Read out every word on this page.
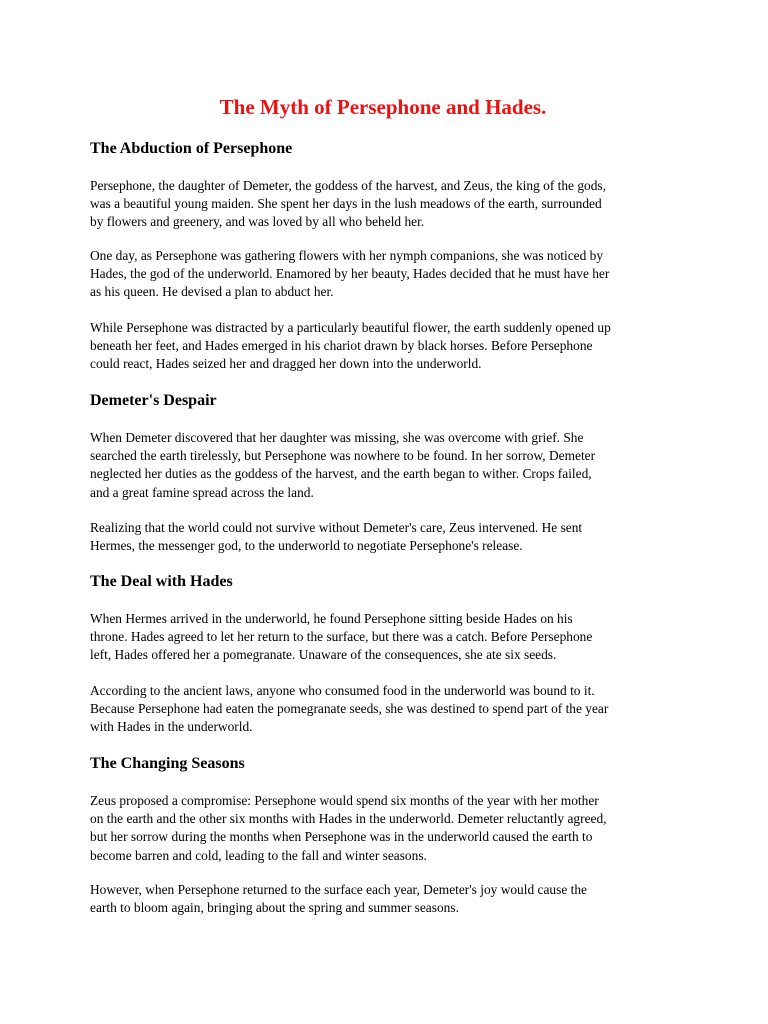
The Myth of Persephone and Hades.
The Abduction of Persephone

Persephone, the daughter of Demeter, the goddess of the harvest, and Zeus, the king of the gods,
was a beautiful young maiden. She spent her days in the lush meadows of the earth, surrounded
by flowers and greenery, and was loved by all who beheld her.

One day, as Persephone was gathering flowers with her nymph companions, she was noticed by
Hades, the god of the underworld. Enamored by her beauty, Hades decided that he must have her
as his queen. He devised a plan to abduct her.

While Persephone was distracted by a particularly beautiful flower, the earth suddenly opened up
beneath her feet, and Hades emerged in his chariot drawn by black horses. Before Persephone
could react, Hades seized her and dragged her down into the underworld.

Demeter's Despair

When Demeter discovered that her daughter was missing, she was overcome with grief. She
searched the earth tirelessly, but Persephone was nowhere to be found. In her sorrow, Demeter
neglected her duties as the goddess of the harvest, and the earth began to wither. Crops failed,
and a great famine spread across the land.

Realizing that the world could not survive without Demeter's care, Zeus intervened. He sent
Hermes, the messenger god, to the underworld to negotiate Persephone's release.

The Deal with Hades

When Hermes arrived in the underworld, he found Persephone sitting beside Hades on his
throne. Hades agreed to let her return to the surface, but there was a catch. Before Persephone
left, Hades offered her a pomegranate. Unaware of the consequences, she ate six seeds.

According to the ancient laws, anyone who consumed food in the underworld was bound to it.
Because Persephone had eaten the pomegranate seeds, she was destined to spend part of the year
with Hades in the underworld.

The Changing Seasons

Zeus proposed a compromise: Persephone would spend six months of the year with her mother
on the earth and the other six months with Hades in the underworld. Demeter reluctantly agreed,
but her sorrow during the months when Persephone was in the underworld caused the earth to
become barren and cold, leading to the fall and winter seasons.

However, when Persephone returned to the surface each year, Demeter's joy would cause the
earth to bloom again, bringing about the spring and summer seasons.
